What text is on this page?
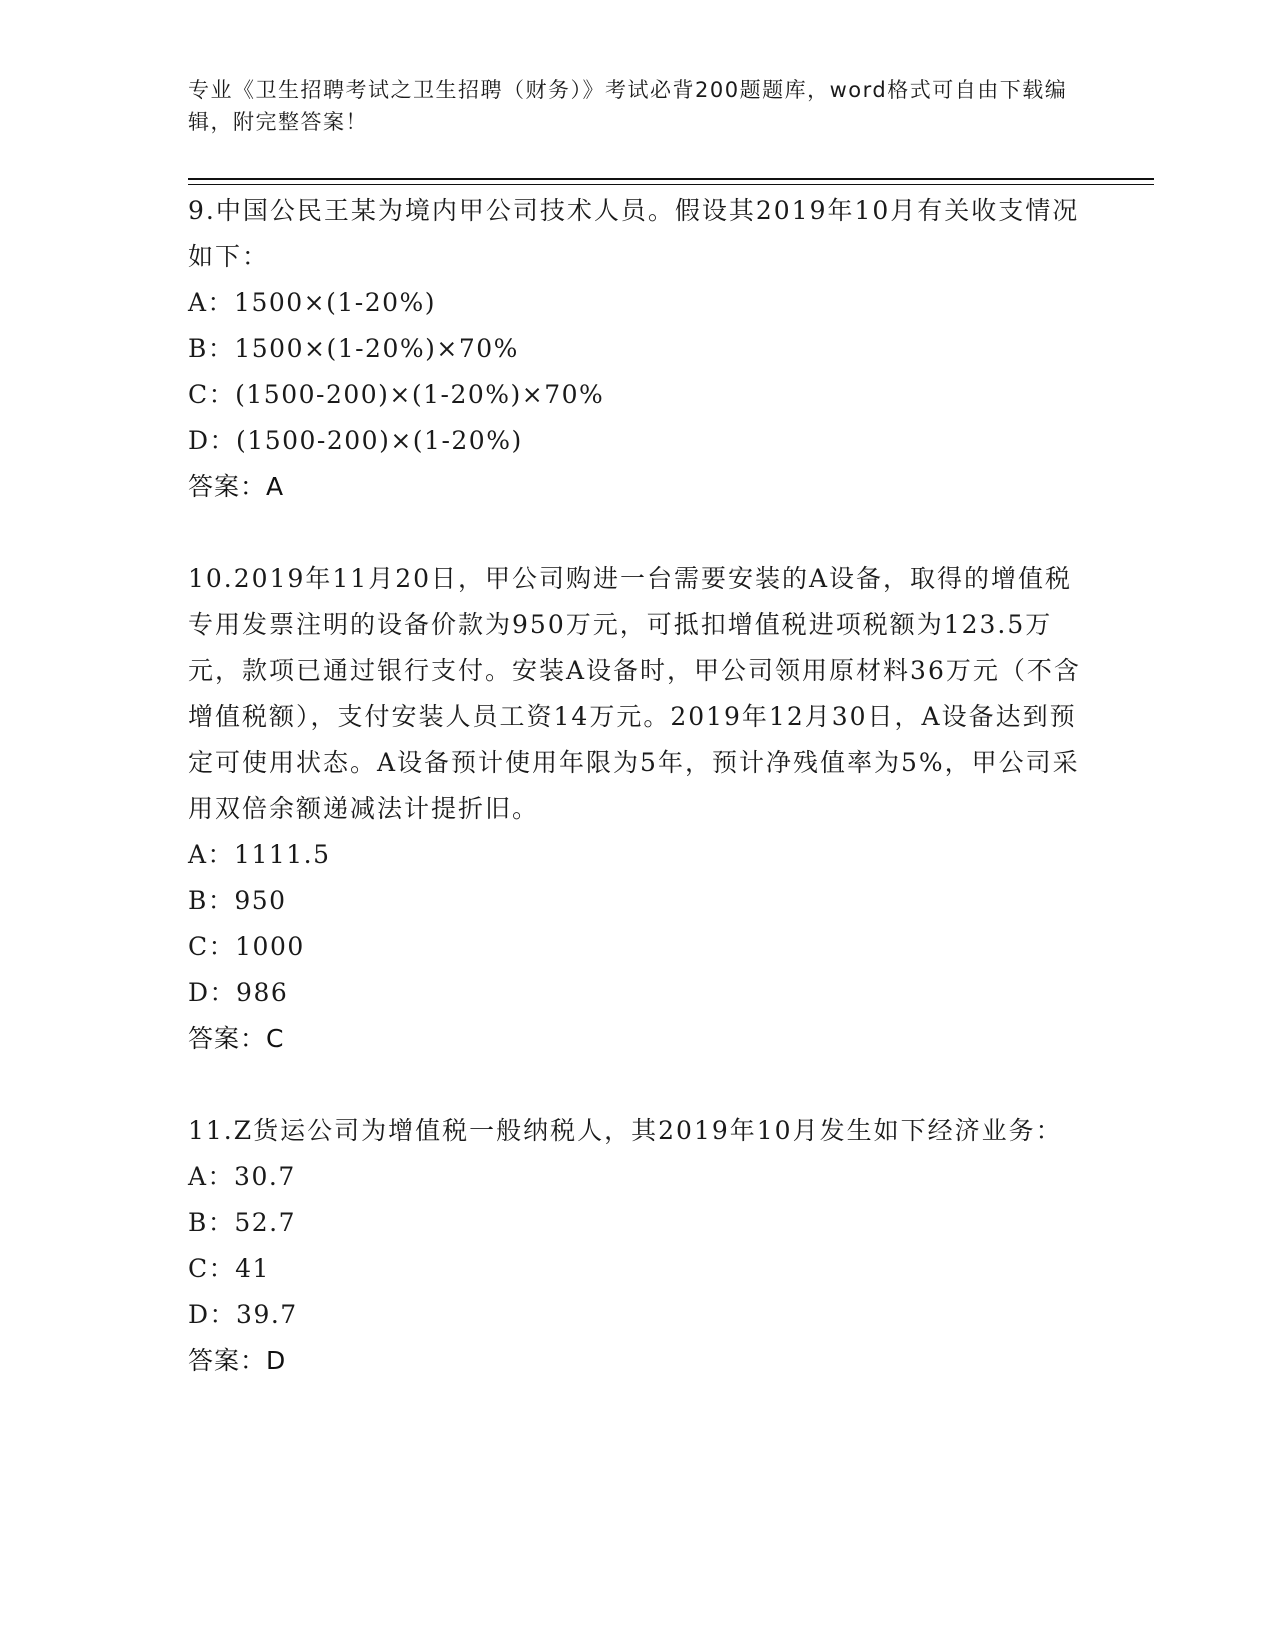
专业《卫生招聘考试之卫生招聘（财务）》考试必背200题题库，word格式可自由下载编辑，附完整答案！

9.中国公民王某为境内甲公司技术人员。假设其2019年10月有关收支情况如下：

A：1500×(1-20%)

B：1500×(1-20%)×70%

C：(1500-200)×(1-20%)×70%

D：(1500-200)×(1-20%)

答案：A

10.2019年11月20日，甲公司购进一台需要安装的A设备，取得的增值税专用发票注明的设备价款为950万元，可抵扣增值税进项税额为123.5万元，款项已通过银行支付。安装A设备时，甲公司领用原材料36万元（不含增值税额），支付安装人员工资14万元。2019年12月30日，A设备达到预定可使用状态。A设备预计使用年限为5年，预计净残值率为5%，甲公司采用双倍余额递减法计提折旧。

A：1111.5

B：950

C：1000

D：986

答案：C

11.Z货运公司为增值税一般纳税人，其2019年10月发生如下经济业务：

A：30.7

B：52.7

C：41

D：39.7

答案：D
